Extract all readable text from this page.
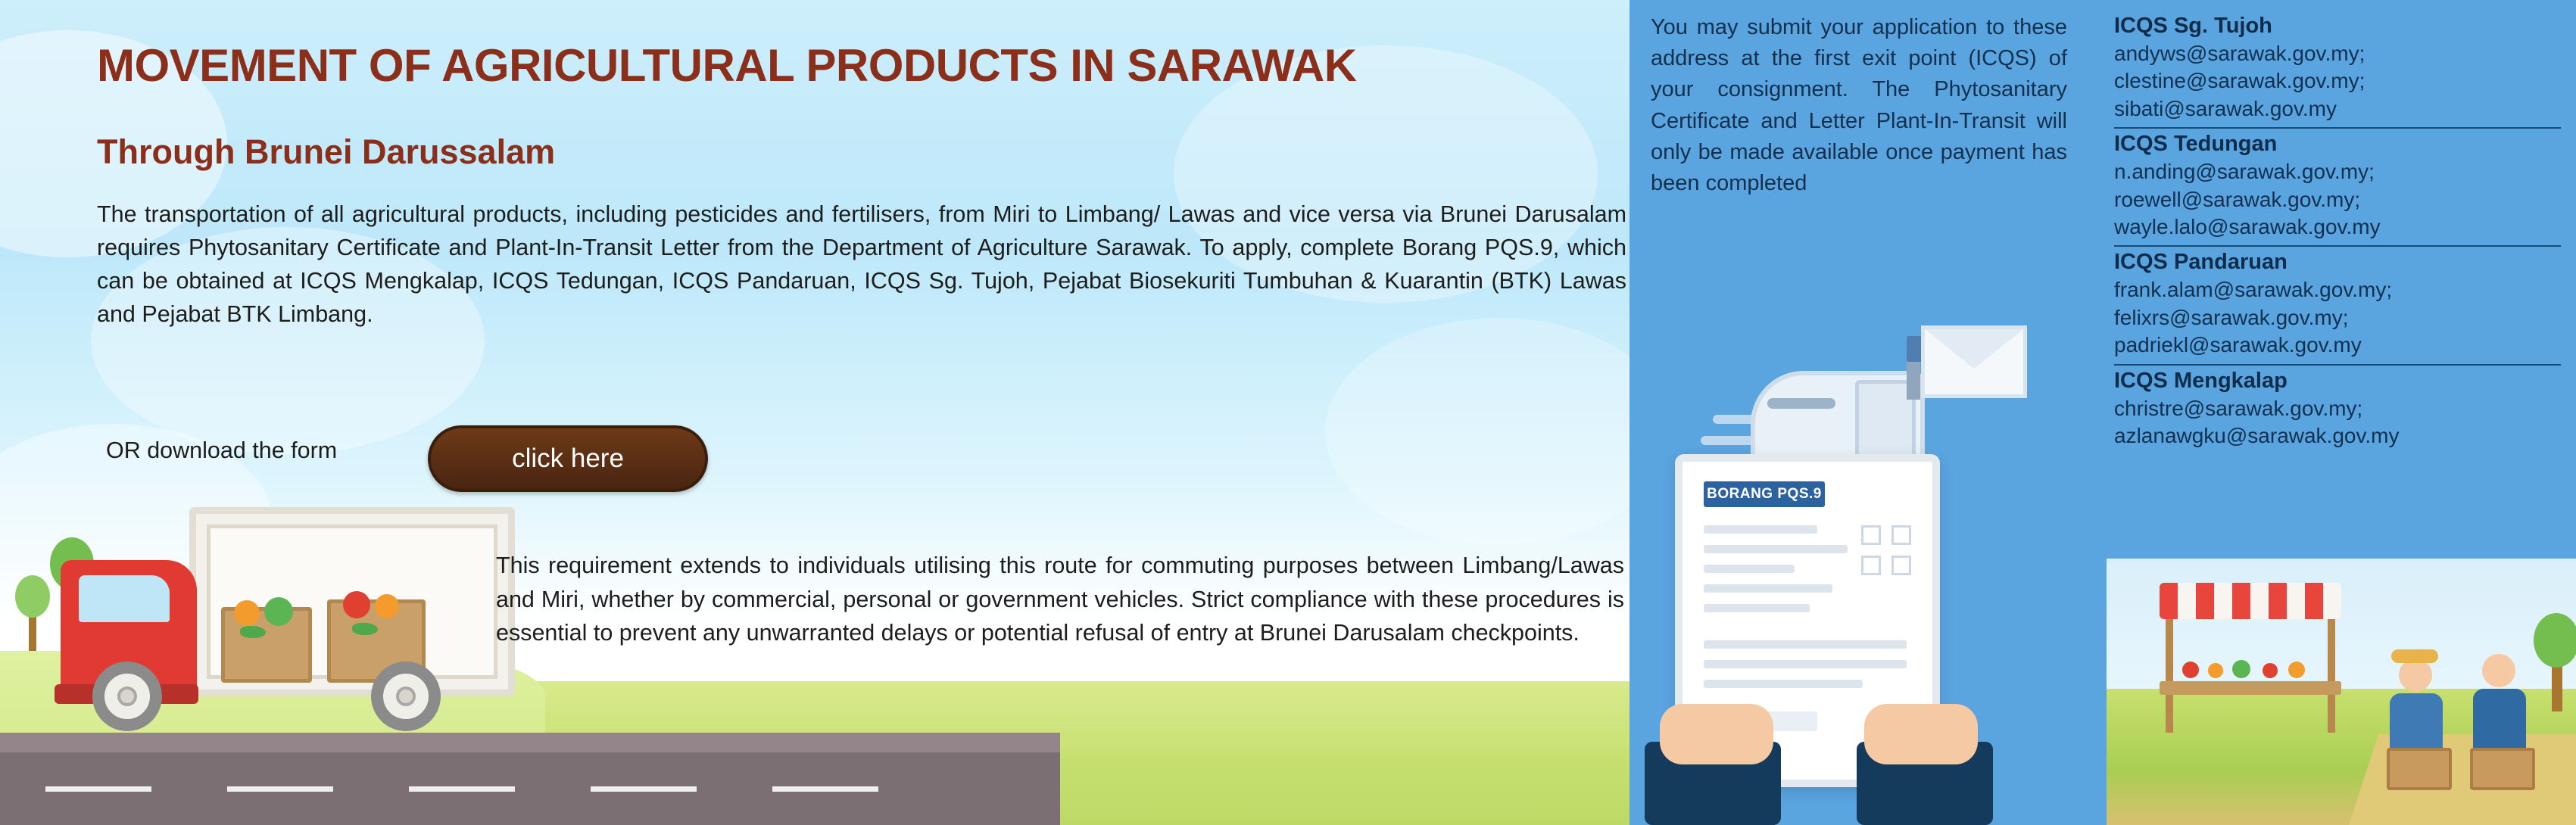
MOVEMENT OF AGRICULTURAL PRODUCTS IN SARAWAK
Through Brunei Darussalam
The transportation of all agricultural products, including pesticides and fertilisers, from Miri to Limbang/ Lawas and vice versa via Brunei Darusalam requires Phytosanitary Certificate and Plant-In-Transit Letter from the Department of Agriculture Sarawak. To apply, complete Borang PQS.9, which can be obtained at ICQS Mengkalap, ICQS Tedungan, ICQS Pandaruan, ICQS Sg. Tujoh, Pejabat Biosekuriti Tumbuhan & Kuarantin (BTK) Lawas and Pejabat BTK Limbang.
OR download the form	click here
This requirement extends to individuals utilising this route for commuting purposes between Limbang/Lawas and Miri, whether by commercial, personal or government vehicles. Strict compliance with these procedures is essential to prevent any unwarranted delays or potential refusal of entry at Brunei Darusalam checkpoints.
BORANG PQS.9
You may submit your application to these address at the first exit point (ICQS) of your consignment. The Phytosanitary Certificate and Letter Plant-In-Transit will only be made available once payment has been completed
ICQS Sg. Tujoh
andyws@sarawak.gov.my;
clestine@sarawak.gov.my;
sibati@sarawak.gov.my
ICQS Tedungan
n.anding@sarawak.gov.my;
roewell@sarawak.gov.my;
wayle.lalo@sarawak.gov.my
ICQS Pandaruan
frank.alam@sarawak.gov.my;
felixrs@sarawak.gov.my;
padriekl@sarawak.gov.my
ICQS Mengkalap
christre@sarawak.gov.my;
azlanawgku@sarawak.gov.my
